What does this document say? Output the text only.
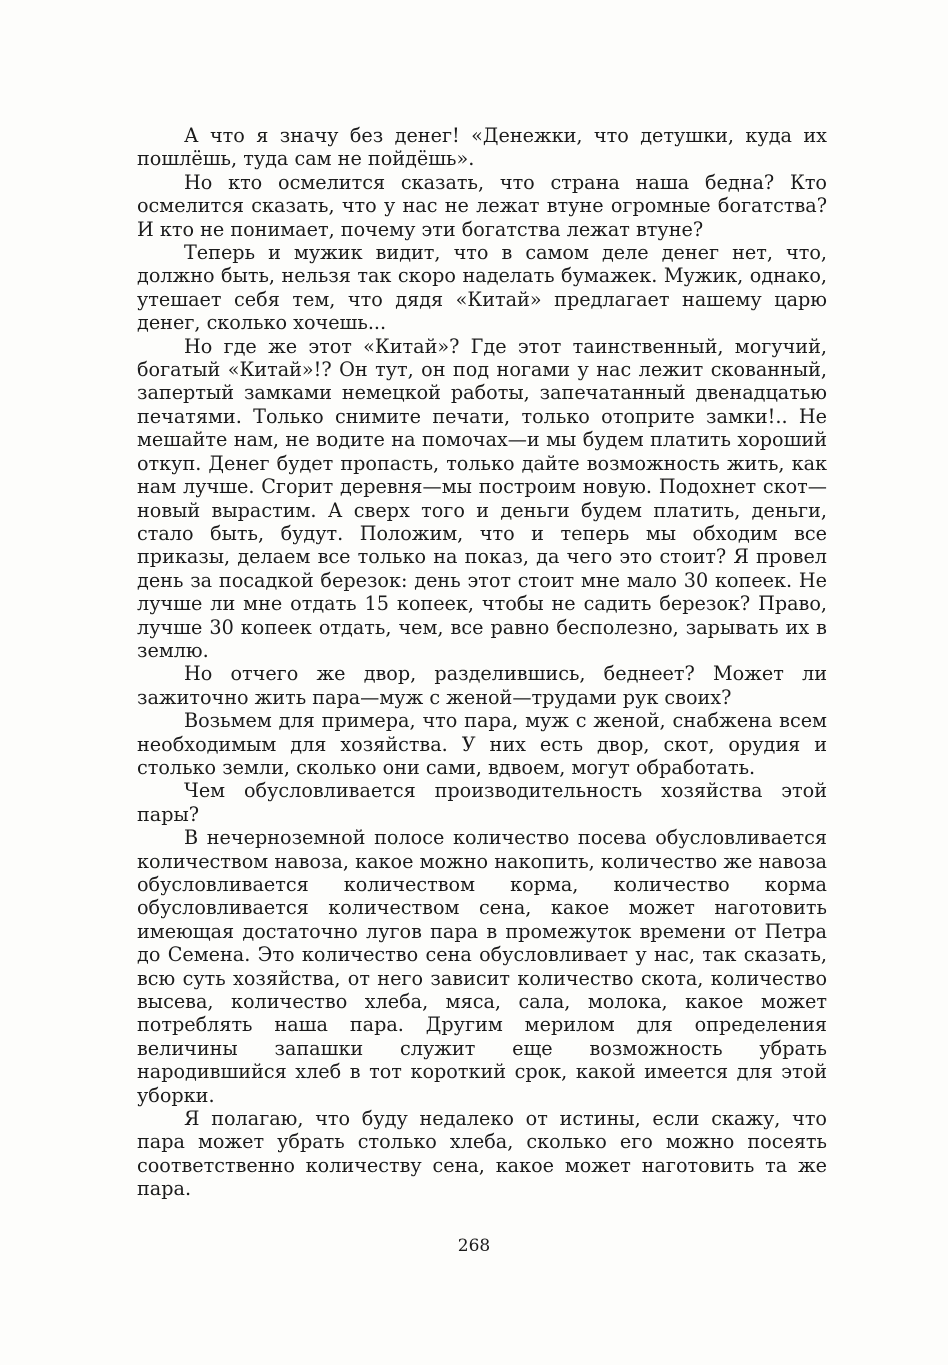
А что я значу без денег! «Денежки, что детушки, куда их пошлёшь, туда сам не пойдёшь».

Но кто осмелится сказать, что страна наша бедна? Кто осмелится сказать, что у нас не лежат втуне огромные богатства? И кто не понимает, почему эти богатства лежат втуне?

Теперь и мужик видит, что в самом деле денег нет, что, должно быть, нельзя так скоро наделать бумажек. Мужик, однако, утешает себя тем, что дядя «Китай» предлагает нашему царю денег, сколько хочешь...

Но где же этот «Китай»? Где этот таинственный, могучий, богатый «Китай»!? Он тут, он под ногами у нас лежит скованный, запертый замками немецкой работы, запечатанный двенадцатью печатями. Только снимите печати, только отоприте замки!.. Не мешайте нам, не водите на помочах—и мы будем платить хороший откуп. Денег будет пропасть, только дайте возможность жить, как нам лучше. Сгорит деревня—мы построим новую. Подохнет скот—новый вырастим. А сверх того и деньги будем платить, деньги, стало быть, будут. Положим, что и теперь мы обходим все приказы, делаем все только на показ, да чего это стоит? Я провел день за посадкой березок: день этот стоит мне мало 30 копеек. Не лучше ли мне отдать 15 копеек, чтобы не садить березок? Право, лучше 30 копеек отдать, чем, все равно бесполезно, зарывать их в землю.

Но отчего же двор, разделившись, беднеет? Может ли зажиточно жить пара—муж с женой—трудами рук своих?

Возьмем для примера, что пара, муж с женой, снабжена всем необходимым для хозяйства. У них есть двор, скот, орудия и столько земли, сколько они сами, вдвоем, могут обработать.

Чем обусловливается производительность хозяйства этой пары?

В нечерноземной полосе количество посева обусловливается количеством навоза, какое можно накопить, количество же навоза обусловливается количеством корма, количество корма обусловливается количеством сена, какое может наготовить имеющая достаточно лугов пара в промежуток времени от Петра до Семена. Это количество сена обусловливает у нас, так сказать, всю суть хозяйства, от него зависит количество скота, количество высева, количество хлеба, мяса, сала, молока, какое может потреблять наша пара. Другим мерилом для определения величины запашки служит еще возможность убрать народившийся хлеб в тот короткий срок, какой имеется для этой уборки.

Я полагаю, что буду недалеко от истины, если скажу, что пара может убрать столько хлеба, сколько его можно посеять соответственно количеству сена, какое может наготовить та же пара.

268
